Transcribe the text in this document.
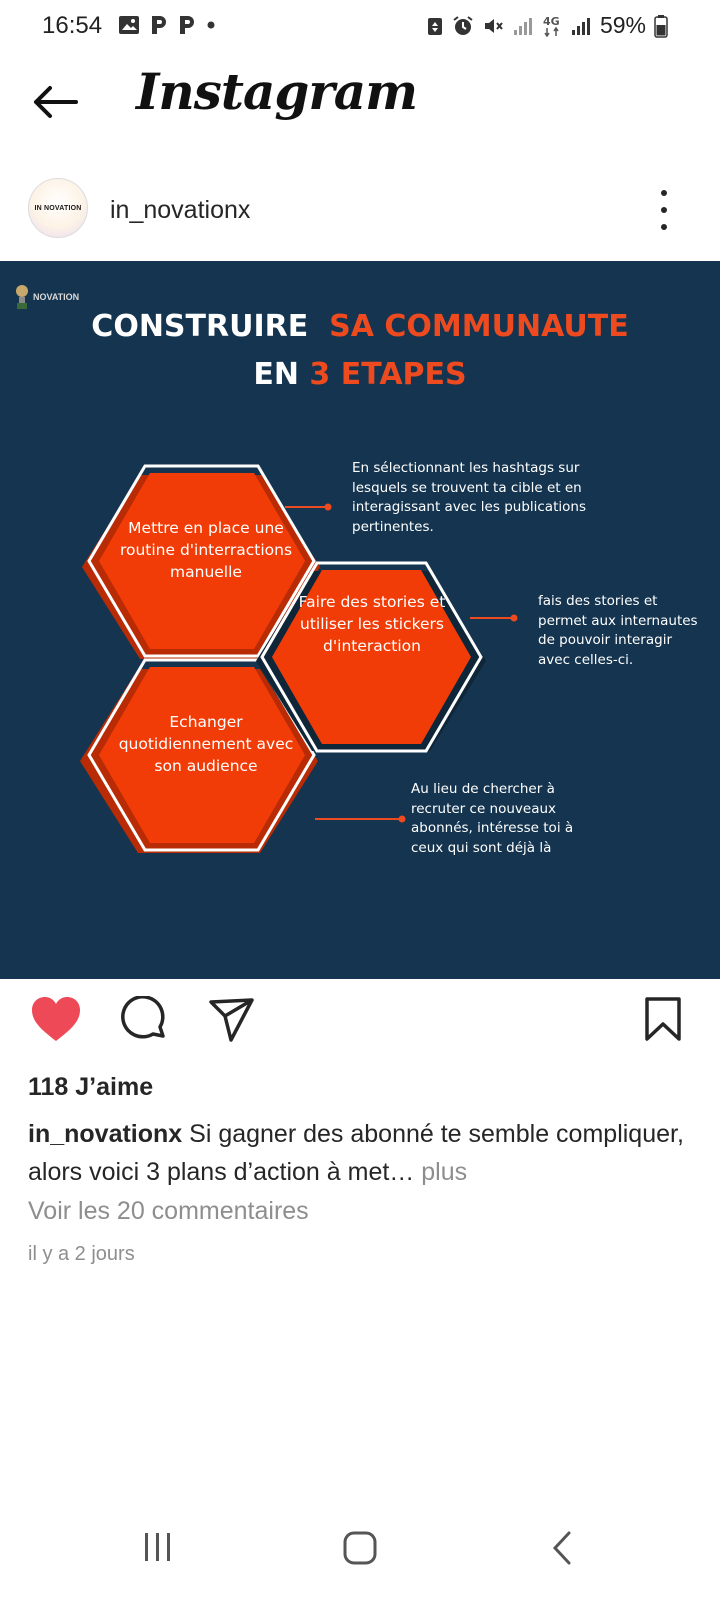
16:54	4G 59%
Instagram
IN NOVATION in_novationx
NOVATION
CONSTRUIRE SA COMMUNAUTE
EN 3 ETAPES
Mettre en place une routine d'interractions manuelle
Faire des stories et utiliser les stickers d'interaction
Echanger quotidiennement avec son audience
En sélectionnant les hashtags sur lesquels se trouvent ta cible et en interagissant avec les publications pertinentes.
fais des stories et permet aux internautes de pouvoir interagir avec celles-ci.
Au lieu de chercher à recruter ce nouveaux abonnés, intéresse toi à ceux qui sont déjà là
118 J’aime
in_novationx Si gagner des abonné te semble compliquer, alors voici 3 plans d’action à met… plus
Voir les 20 commentaires
il y a 2 jours
